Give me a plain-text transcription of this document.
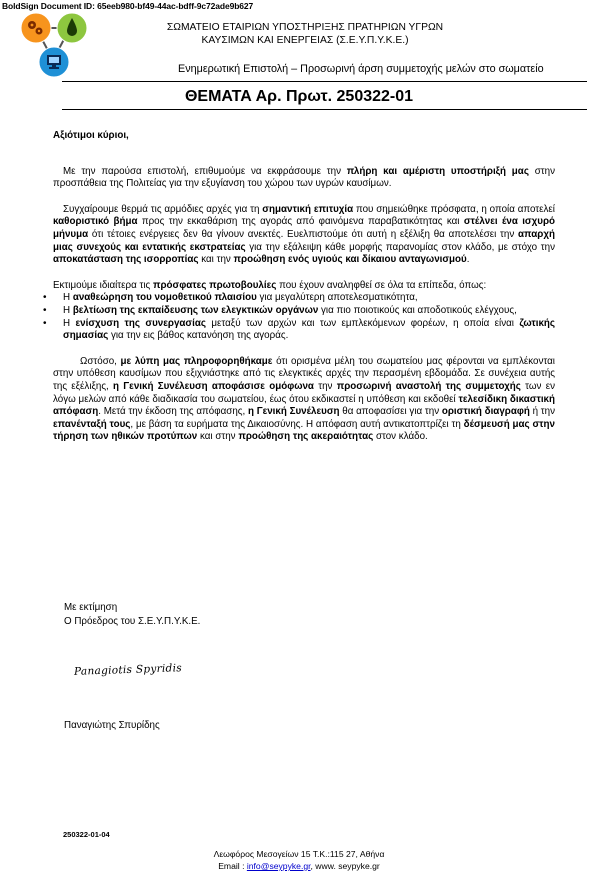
BoldSign Document ID: 65eeb980-bf49-44ac-bdff-9c72ade9b627
ΣΩΜΑΤΕΙΟ ΕΤΑΙΡΙΩΝ ΥΠΟΣΤΗΡΙΞΗΣ ΠΡΑΤΗΡΙΩΝ ΥΓΡΩΝ
ΚΑΥΣΙΜΩΝ ΚΑΙ ΕΝΕΡΓΕΙΑΣ (Σ.Ε.Υ.Π.Υ.Κ.Ε.)
Ενημερωτική Επιστολή – Προσωρινή άρση συμμετοχής μελών στο σωματείο
ΘΕΜΑΤΑ Αρ. Πρωτ. 250322-01

Αξιότιμοι κύριοι,

Με την παρούσα επιστολή, επιθυμούμε να εκφράσουμε την πλήρη και αμέριστη υποστήριξή μας στην προσπάθεια της Πολιτείας για την εξυγίανση του χώρου των υγρών καυσίμων.

Συγχαίρουμε θερμά τις αρμόδιες αρχές για τη σημαντική επιτυχία που σημειώθηκε πρόσφατα, η οποία αποτελεί καθοριστικό βήμα προς την εκκαθάριση της αγοράς από φαινόμενα παραβατικότητας και στέλνει ένα ισχυρό μήνυμα ότι τέτοιες ενέργειες δεν θα γίνουν ανεκτές. Ευελπιστούμε ότι αυτή η εξέλιξη θα αποτελέσει την απαρχή μιας συνεχούς και εντατικής εκστρατείας για την εξάλειψη κάθε μορφής παρανομίας στον κλάδο, με στόχο την αποκατάσταση της ισορροπίας και την προώθηση ενός υγιούς και δίκαιου ανταγωνισμού.

Εκτιμούμε ιδιαίτερα τις πρόσφατες πρωτοβουλίες που έχουν αναληφθεί σε όλα τα επίπεδα, όπως:

• Η αναθεώρηση του νομοθετικού πλαισίου για μεγαλύτερη αποτελεσματικότητα,
• Η βελτίωση της εκπαίδευσης των ελεγκτικών οργάνων για πιο ποιοτικούς και αποδοτικούς ελέγχους,
• Η ενίσχυση της συνεργασίας μεταξύ των αρχών και των εμπλεκόμενων φορέων, η οποία είναι ζωτικής σημασίας για την εις βάθος κατανόηση της αγοράς.

Ωστόσο, με λύπη μας πληροφορηθήκαμε ότι ορισμένα μέλη του σωματείου μας φέρονται να εμπλέκονται στην υπόθεση καυσίμων που εξιχνιάστηκε από τις ελεγκτικές αρχές την περασμένη εβδομάδα. Σε συνέχεια αυτής της εξέλιξης, η Γενική Συνέλευση αποφάσισε ομόφωνα την προσωρινή αναστολή της συμμετοχής των εν λόγω μελών από κάθε διαδικασία του σωματείου, έως ότου εκδικαστεί η υπόθεση και εκδοθεί τελεσίδικη δικαστική απόφαση. Μετά την έκδοση της απόφασης, η Γενική Συνέλευση θα αποφασίσει για την οριστική διαγραφή ή την επανένταξή τους, με βάση τα ευρήματα της Δικαιοσύνης. Η απόφαση αυτή αντικατοπτρίζει τη δέσμευσή μας στην τήρηση των ηθικών προτύπων και στην προώθηση της ακεραιότητας στον κλάδο.

Με εκτίμηση
Ο Πρόεδρος του Σ.Ε.Υ.Π.Υ.Κ.Ε.
Panagiotis Spyridis
Παναγιώτης Σπυρίδης
250322-01-04
Λεωφόρος Μεσογείων 15 Τ.Κ.:115 27, Αθήνα
Email : info@seypyke.gr, www. seypyke.gr
